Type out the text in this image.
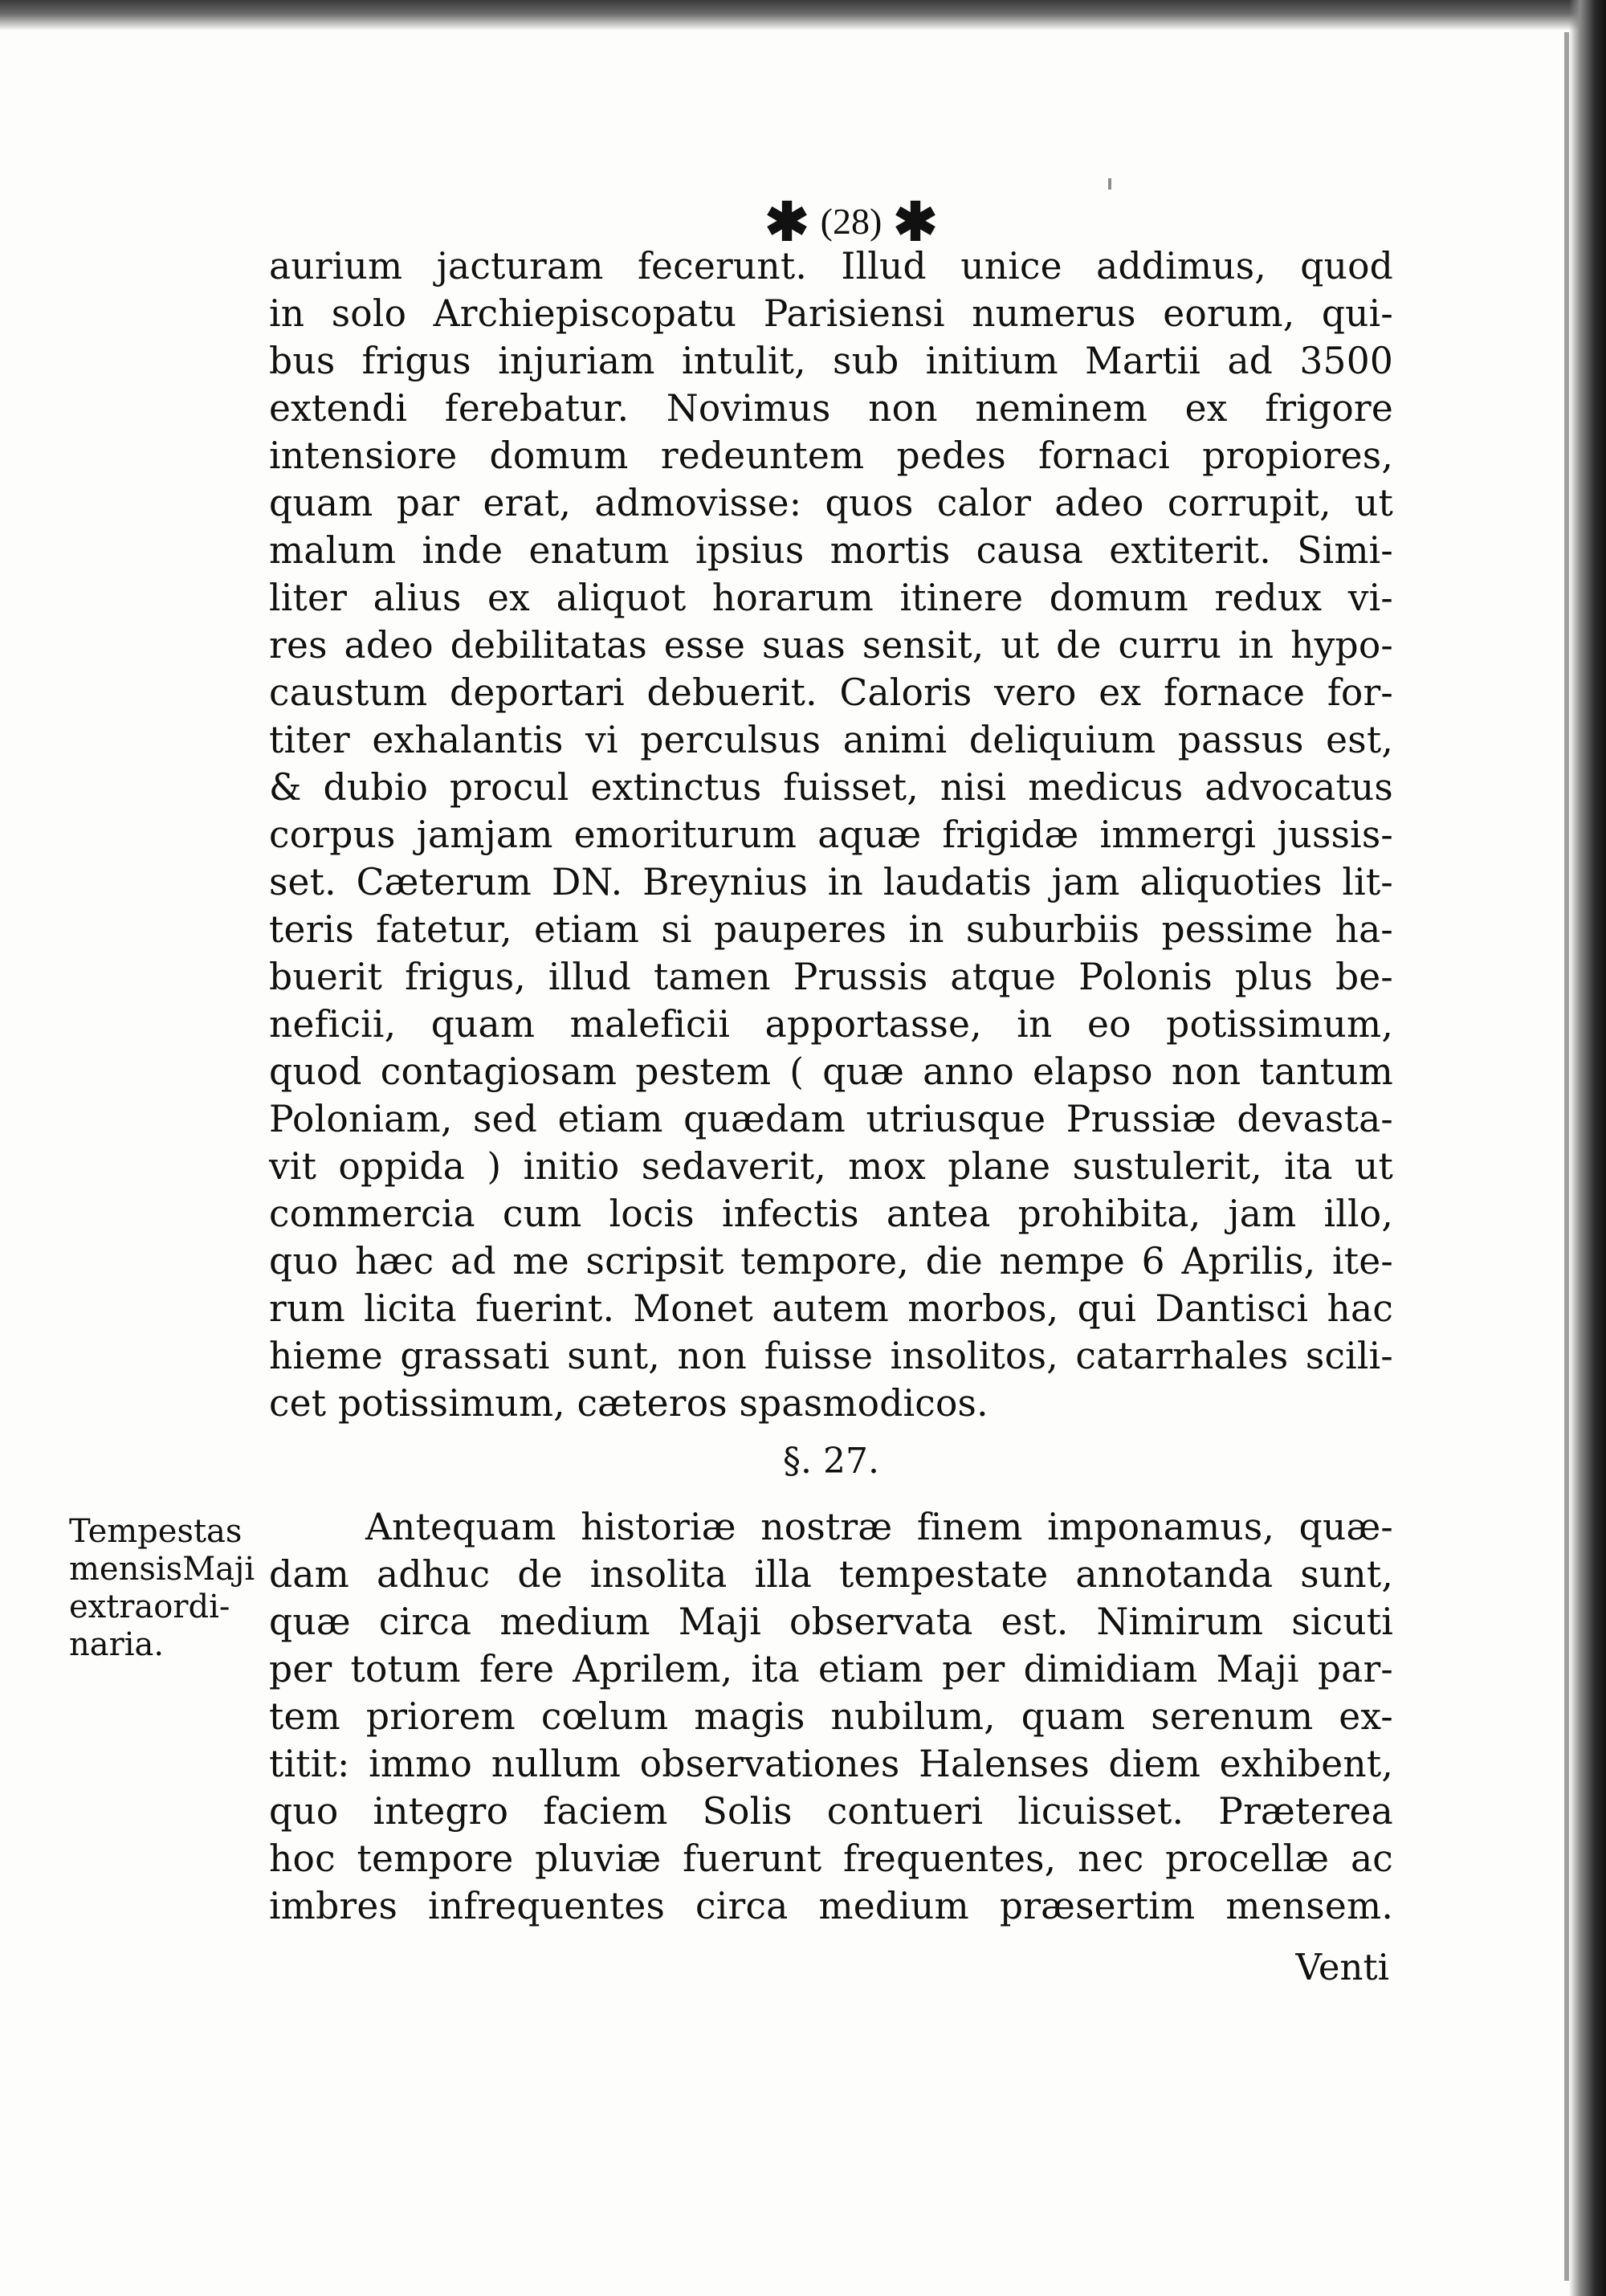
✱ (28) ✱
aurium jacturam fecerunt. Illud unice addimus, quod
in solo Archiepiscopatu Parisiensi numerus eorum, qui-
bus frigus injuriam intulit, sub initium Martii ad 3500
extendi ferebatur. Novimus non neminem ex frigore
intensiore domum redeuntem pedes fornaci propiores,
quam par erat, admovisse: quos calor adeo corrupit, ut
malum inde enatum ipsius mortis causa extiterit. Simi-
liter alius ex aliquot horarum itinere domum redux vi-
res adeo debilitatas esse suas sensit, ut de curru in hypo-
caustum deportari debuerit. Caloris vero ex fornace for-
titer exhalantis vi perculsus animi deliquium passus est,
& dubio procul extinctus fuisset, nisi medicus advocatus
corpus jamjam emoriturum aquæ frigidæ immergi jussis-
set. Cæterum DN. Breynius in laudatis jam aliquoties lit-
teris fatetur, etiam si pauperes in suburbiis pessime ha-
buerit frigus, illud tamen Prussis atque Polonis plus be-
neficii, quam maleficii apportasse, in eo potissimum,
quod contagiosam pestem ( quæ anno elapso non tantum
Poloniam, sed etiam quædam utriusque Prussiæ devasta-
vit oppida ) initio sedaverit, mox plane sustulerit, ita ut
commercia cum locis infectis antea prohibita, jam illo,
quo hæc ad me scripsit tempore, die nempe 6 Aprilis, ite-
rum licita fuerint. Monet autem morbos, qui Dantisci hac
hieme grassati sunt, non fuisse insolitos, catarrhales scili-
cet potissimum, cæteros spasmodicos.
§. 27.
Tempestas
mensisMaji
extraordi-
naria.
Antequam historiæ nostræ finem imponamus, quæ-
dam adhuc de insolita illa tempestate annotanda sunt,
quæ circa medium Maji observata est. Nimirum sicuti
per totum fere Aprilem, ita etiam per dimidiam Maji par-
tem priorem cœlum magis nubilum, quam serenum ex-
titit: immo nullum observationes Halenses diem exhibent,
quo integro faciem Solis contueri licuisset. Præterea
hoc tempore pluviæ fuerunt frequentes, nec procellæ ac
imbres infrequentes circa medium præsertim mensem.
Venti
